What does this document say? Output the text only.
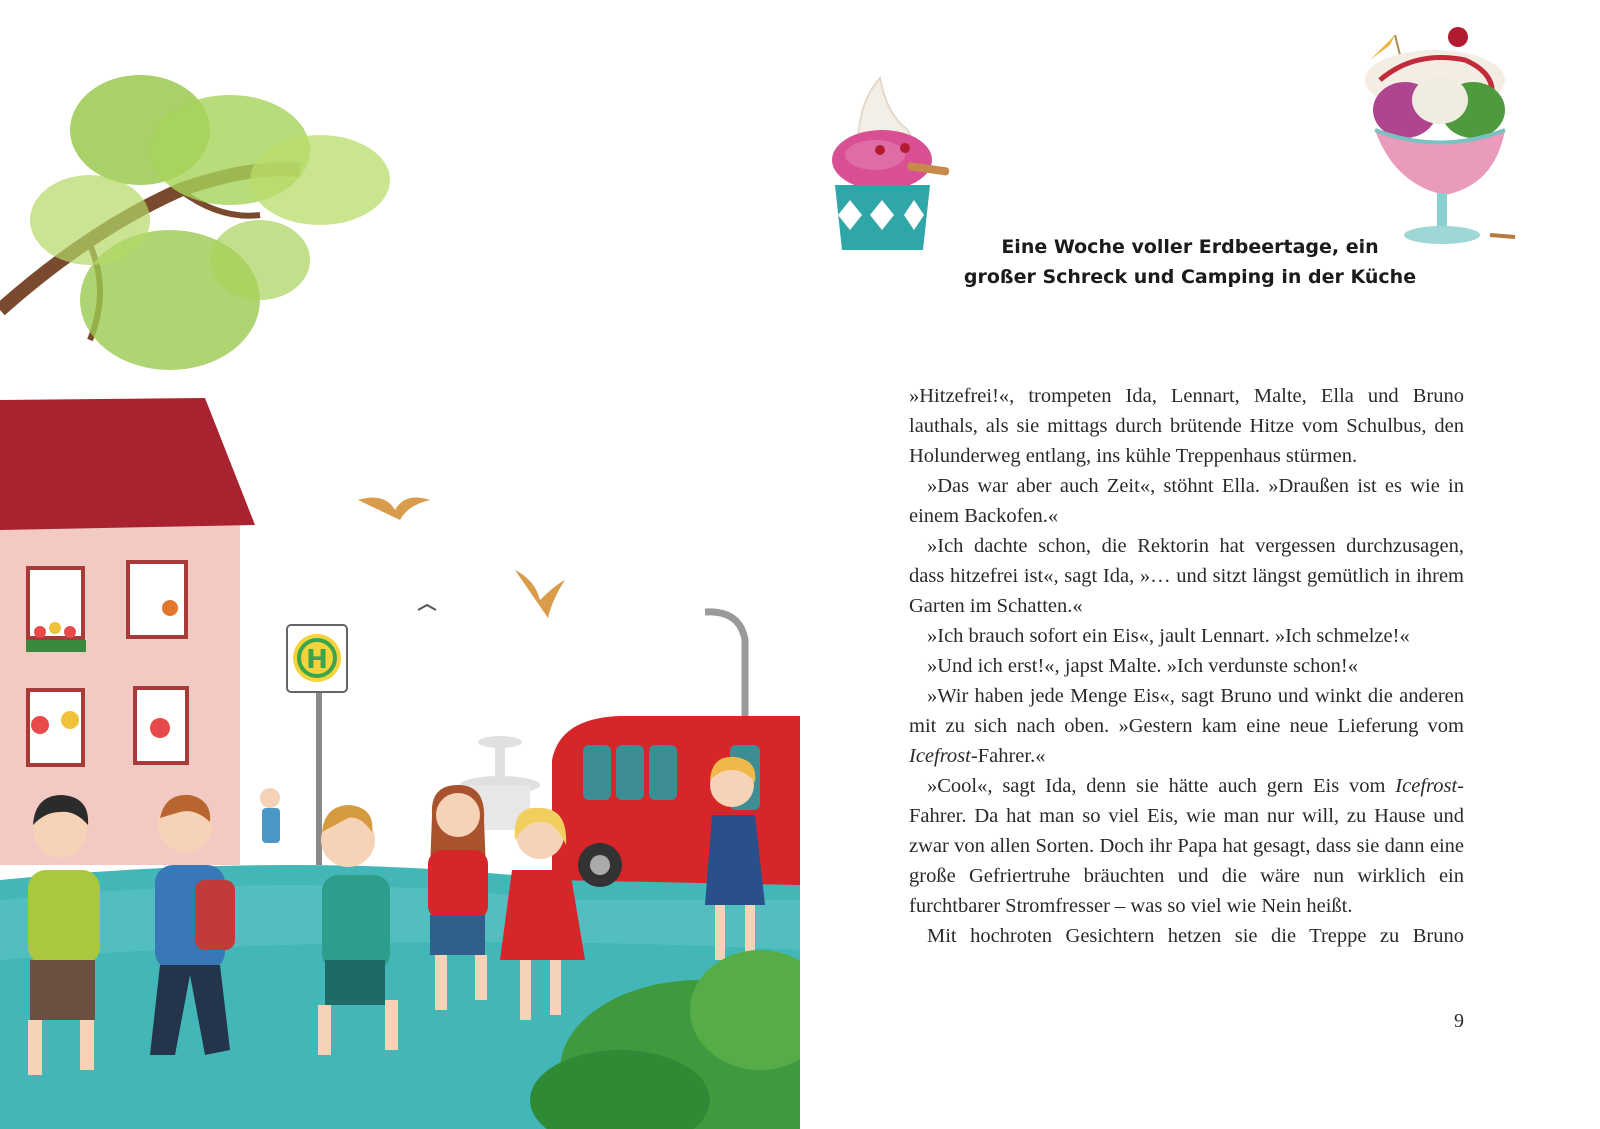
H
Eine Woche voller Erdbeertage, ein
großer Schreck und Camping in der Küche

»Hitzefrei!«, trompeten Ida, Lennart, Malte, Ella und Bruno lauthals, als sie mittags durch brütende Hitze vom Schulbus, den Holunderweg entlang, ins kühle Treppenhaus stürmen.

»Das war aber auch Zeit«, stöhnt Ella. »Draußen ist es wie in einem Backofen.«

»Ich dachte schon, die Rektorin hat vergessen durchzusagen, dass hitzefrei ist«, sagt Ida, »… und sitzt längst gemütlich in ihrem Garten im Schatten.«

»Ich brauch sofort ein Eis«, jault Lennart. »Ich schmelze!«

»Und ich erst!«, japst Malte. »Ich verdunste schon!«

»Wir haben jede Menge Eis«, sagt Bruno und winkt die anderen mit zu sich nach oben. »Gestern kam eine neue Lieferung vom Icefrost-Fahrer.«

»Cool«, sagt Ida, denn sie hätte auch gern Eis vom Icefrost-Fahrer. Da hat man so viel Eis, wie man nur will, zu Hause und zwar von allen Sorten. Doch ihr Papa hat gesagt, dass sie dann eine große Gefriertruhe bräuchten und die wäre nun wirklich ein furchtbarer Stromfresser – was so viel wie Nein heißt.

Mit hochroten Gesichtern hetzen sie die Treppe zu Bruno

9
